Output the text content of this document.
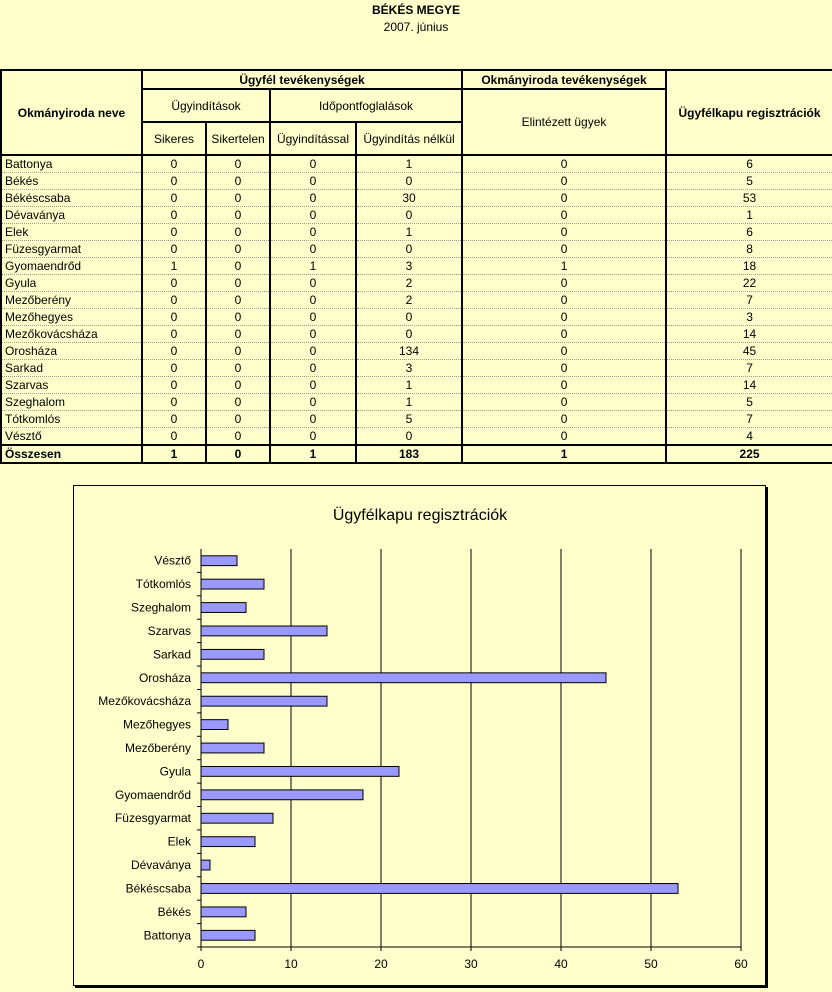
BÉKÉS MEGYE
2007. június
Okmányiroda neve	Ügyfél tevékenységek				Okmányiroda tevékenységek	Ügyfélkapu regisztrációk
	Ügyindítások		Időpontfoglalások		Elintézett ügyek	
	Sikeres	Sikertelen	Ügyindítással	Ügyindítás nélkül		
Battonya	0	0	0	1	0	6
Békés	0	0	0	0	0	5
Békéscsaba	0	0	0	30	0	53
Dévaványa	0	0	0	0	0	1
Elek	0	0	0	1	0	6
Füzesgyarmat	0	0	0	0	0	8
Gyomaendrőd	1	0	1	3	1	18
Gyula	0	0	0	2	0	22
Mezőberény	0	0	0	2	0	7
Mezőhegyes	0	0	0	0	0	3
Mezőkovácsháza	0	0	0	0	0	14
Orosháza	0	0	0	134	0	45
Sarkad	0	0	0	3	0	7
Szarvas	0	0	0	1	0	14
Szeghalom	0	0	0	1	0	5
Tótkomlós	0	0	0	5	0	7
Vésztő	0	0	0	0	0	4
Összesen	1	0	1	183	1	225
Ügyfélkapu regisztrációk
Battonya
Békés
Békéscsaba
Dévaványa
Elek
Füzesgyarmat
Gyomaendrőd
Gyula
Mezőberény
Mezőhegyes
Mezőkovácsháza
Orosháza
Sarkad
Szarvas
Szeghalom
Tótkomlós
Vésztő
0	10	20	30	40	50	60
